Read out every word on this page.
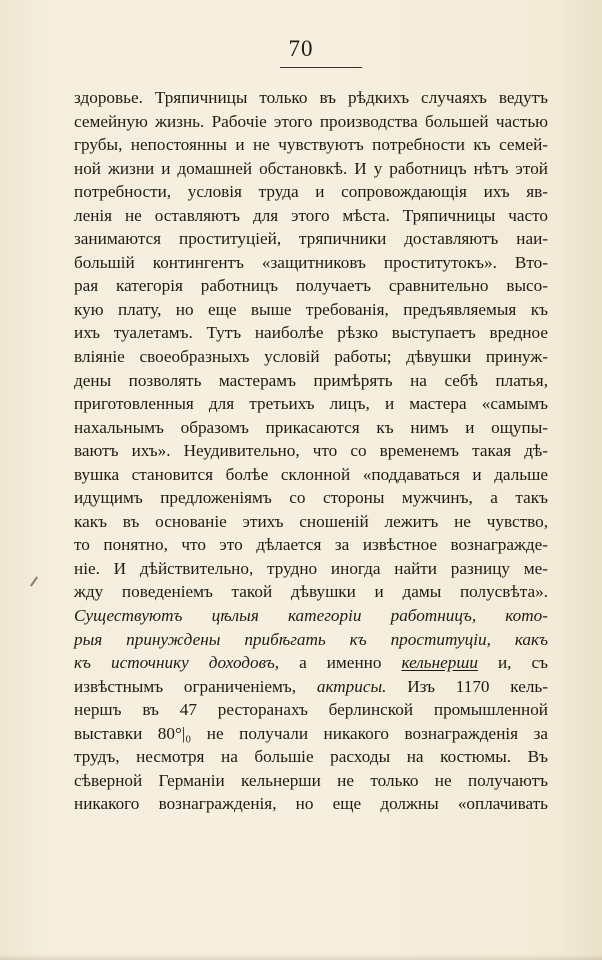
70
здоровье. Тряпичницы только въ рѣдкихъ случаяхъ ведутъ
семейную жизнь. Рабочіе этого производства большей частью
грубы, непостоянны и не чувствуютъ потребности къ семей-
ной жизни и домашней обстановкѣ. И у работницъ нѣтъ этой
потребности, условія труда и сопровождающія ихъ яв-
ленія не оставляютъ для этого мѣста. Тряпичницы часто
занимаются проституціей, тряпичники доставляютъ наи-
большій контингентъ «защитниковъ проститутокъ». Вто-
рая категорія работницъ получаетъ сравнительно высо-
кую плату, но еще выше требованія, предъявляемыя къ
ихъ туалетамъ. Тутъ наиболѣе рѣзко выступаетъ вредное
вліяніе своеобразныхъ условій работы; дѣвушки принуж-
дены позволять мастерамъ примѣрять на себѣ платья,
приготовленныя для третьихъ лицъ, и мастера «самымъ
нахальнымъ образомъ прикасаются къ нимъ и ощупы-
ваютъ ихъ». Неудивительно, что со временемъ такая дѣ-
вушка становится болѣе склонной «поддаваться и дальше
идущимъ предложеніямъ со стороны мужчинъ, а такъ
какъ въ основаніе этихъ сношеній лежитъ не чувство,
то понятно, что это дѣлается за извѣстное вознагражде-
ніе. И дѣйствительно, трудно иногда найти разницу ме-
жду поведеніемъ такой дѣвушки и дамы полусвѣта».
Существуютъ цѣлыя категоріи работницъ, кото-
рыя принуждены прибѣгать къ проституціи, какъ
къ источнику доходовъ, а именно кельнерши и, съ
извѣстнымъ ограниченіемъ, актрисы. Изъ 1170 кель-
нершъ въ 47 ресторанахъ берлинской промышленной
выставки 80°|₀ не получали никакого вознагражденія за
трудъ, несмотря на большіе расходы на костюмы. Въ
сѣверной Германіи кельнерши не только не получаютъ
никакого вознагражденія, но еще должны «оплачивать
